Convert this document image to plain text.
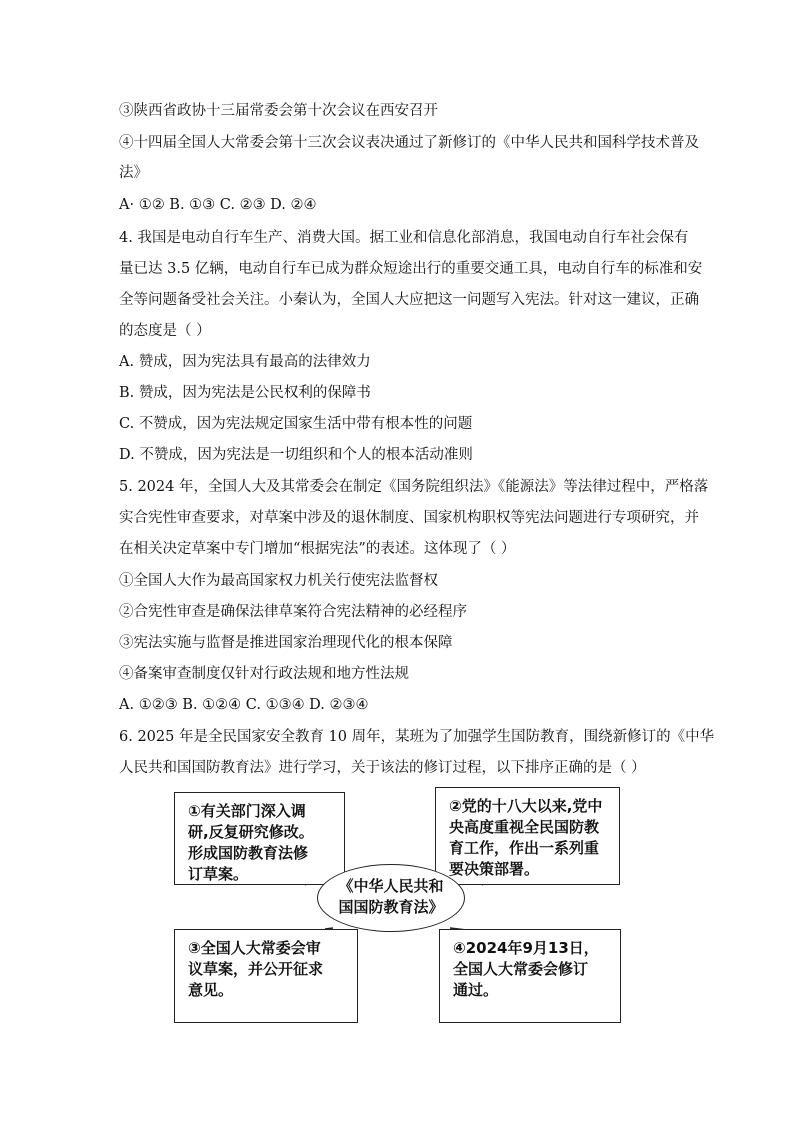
③陕西省政协十三届常委会第十次会议在西安召开
④十四届全国人大常委会第十三次会议表决通过了新修订的《中华人民共和国科学技术普及
法》
A· ①② B. ①③ C. ②③ D. ②④
4. 我国是电动自行车生产、消费大国。据工业和信息化部消息，我国电动自行车社会保有
量已达 3.5 亿辆，电动自行车已成为群众短途出行的重要交通工具，电动自行车的标准和安
全等问题备受社会关注。小秦认为，全国人大应把这一问题写入宪法。针对这一建议，正确
的态度是（ ）
A. 赞成，因为宪法具有最高的法律效力
B. 赞成，因为宪法是公民权利的保障书
C. 不赞成，因为宪法规定国家生活中带有根本性的问题
D. 不赞成，因为宪法是一切组织和个人的根本活动准则
5. 2024 年，全国人大及其常委会在制定《国务院组织法》《能源法》等法律过程中，严格落
实合宪性审查要求，对草案中涉及的退休制度、国家机构职权等宪法问题进行专项研究，并
在相关决定草案中专门增加“根据宪法”的表述。这体现了（ ）
①全国人大作为最高国家权力机关行使宪法监督权
②合宪性审查是确保法律草案符合宪法精神的必经程序
③宪法实施与监督是推进国家治理现代化的根本保障
④备案审查制度仅针对行政法规和地方性法规
A. ①②③ B. ①②④ C. ①③④ D. ②③④
6. 2025 年是全民国家安全教育 10 周年，某班为了加强学生国防教育，围绕新修订的《中华
人民共和国国防教育法》进行学习，关于该法的修订过程，以下排序正确的是（ ）
①有关部门深入调
研,反复研究修改。
形成国防教育法修
订草案。
②党的十八大以来,党中
央高度重视全民国防教
育工作，作出一系列重
要决策部署。
《中华人民共和
国国防教育法》
③全国人大常委会审
议草案，并公开征求
意见。
④2024年9月13日，
全国人大常委会修订
通过。
